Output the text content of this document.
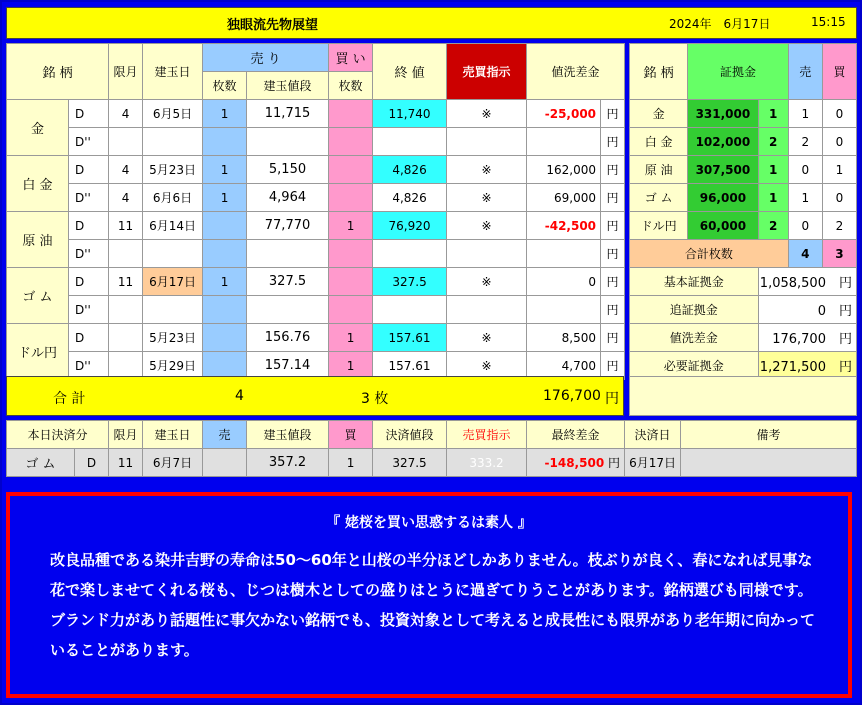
独眼流先物展望	2024年　6月17日	15:15
銘 柄		限月	建玉日	売 り		買 い	終 値	売買指示	値洗差金	
				枚数	建玉値段	枚数				
金	D	4	6月5日	1	11,715		11,740	※	-25,000	円
	D''									円
白 金	D	4	5月23日	1	5,150		4,826	※	162,000	円
	D''	4	6月6日	1	4,964		4,826	※	69,000	円
原 油	D	11	6月14日		77,770	1	76,920	※	-42,500	円
	D''									円
ゴ ム	D	11	6月17日	1	327.5		327.5	※	0	円
	D''									円
ドル円	D		5月23日		156.76	1	157.61	※	8,500	円
	D''		5月29日		157.14	1	157.61	※	4,700	円
合 計	4	3 枚	176,700 円
銘 柄	証拠金		売	買
金	331,000	1	1	0
白 金	102,000	2	2	0
原 油	307,500	1	0	1
ゴ ム	96,000	1	1	0
ドル円	60,000	2	0	2
合計枚数			4	3
基本証拠金		1,058,500　 円		
追証拠金		0　 円		
値洗差金		176,700　 円		
必要証拠金		1,271,500　 円		
本日決済分		限月	建玉日	売	建玉値段	買	決済値段	売買指示	最終差金	決済日	備考
ゴ ム	D	11	6月7日		357.2	1	327.5	333.2	-148,500 円	6月17日	
『 姥桜を買い思惑するは素人 』
改良品種である染井吉野の寿命は50～60年と山桜の半分ほどしかありません。枝ぶりが良く、春になれば見事な花で楽しませてくれる桜も、じつは樹木としての盛りはとうに過ぎてりうことがあります。銘柄選びも同様です。ブランド力があり話題性に事欠かない銘柄でも、投資対象として考えると成長性にも限界があり老年期に向かっていることがあります。
